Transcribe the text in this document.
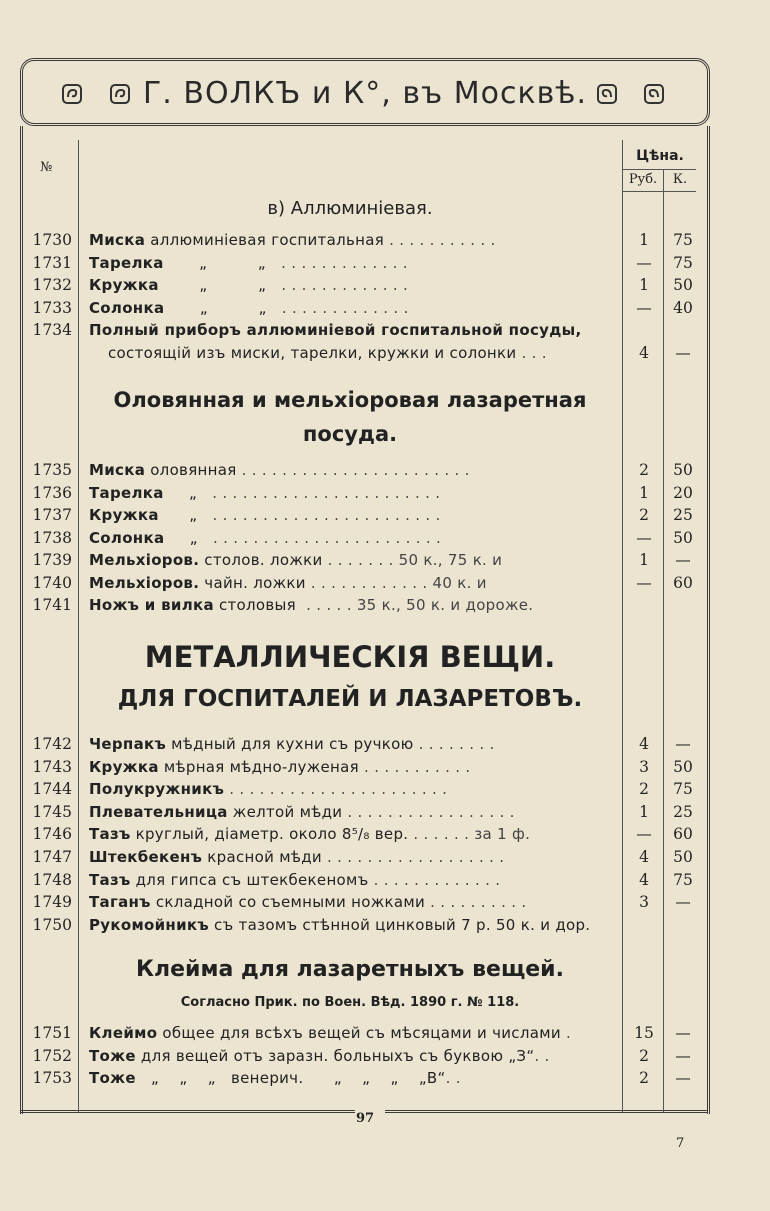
Г. ВОЛКЪ и К°, въ Москвѣ.
97
7
№
Цѣна.
Руб.	К.
в) Аллюминіевая.
1730 Миска аллюминіевая госпитальная . . . . . . . . . . .	1	75
1731 Тарелка       „          „   . . . . . . . . . . . . .	—	75
1732 Кружка        „          „   . . . . . . . . . . . . .	1	50
1733 Солонка       „          „   . . . . . . . . . . . . .	—	40
1734 Полный приборъ аллюминіевой госпитальной посуды,
состоящій изъ миски, тарелки, кружки и солонки . . .	4	—
Оловянная и мельхіоровая лазаретная
посуда.
1735 Миска оловянная . . . . . . . . . . . . . . . . . . . . . . .	2	50
1736 Тарелка     „   . . . . . . . . . . . . . . . . . . . . . . .	1	20
1737 Кружка      „   . . . . . . . . . . . . . . . . . . . . . . .	2	25
1738 Солонка     „   . . . . . . . . . . . . . . . . . . . . . . .	—	50
1739 Мельхіоров. столов. ложки . . . . . . . 50 к., 75 к. и	1	—
1740 Мельхіоров. чайн. ложки . . . . . . . . . . . . 40 к. и	—	60
1741 Ножъ и вилка столовыя  . . . . . 35 к., 50 к. и дороже.
МЕТАЛЛИЧЕСКІЯ ВЕЩИ.
ДЛЯ ГОСПИТАЛЕЙ И ЛАЗАРЕТОВЪ.
1742 Черпакъ мѣдный для кухни съ ручкою . . . . . . . .	4	—
1743 Кружка мѣрная мѣдно-луженая . . . . . . . . . . .	3	50
1744 Полукружникъ . . . . . . . . . . . . . . . . . . . . . .	2	75
1745 Плевательница желтой мѣди . . . . . . . . . . . . . . . . .	1	25
1746 Тазъ круглый, діаметр. около 8⁵/₈ вер. . . . . . . за 1 ф.	—	60
1747 Штекбекенъ красной мѣди . . . . . . . . . . . . . . . . . .	4	50
1748 Тазъ для гипса съ штекбекеномъ . . . . . . . . . . . . .	4	75
1749 Таганъ складной со съемными ножками . . . . . . . . . .	3	—
1750 Рукомойникъ съ тазомъ стѣнной цинковый 7 р. 50 к. и дор.
Клейма для лазаретныхъ вещей.
Согласно Прик. по Воен. Вѣд. 1890 г. № 118.
1751 Клеймо общее для всѣхъ вещей съ мѣсяцами и числами .	15	—
1752 Тоже для вещей отъ заразн. больныхъ съ буквою „З“. .	2	—
1753 Тоже   „    „    „   венерич.      „    „    „    „В“. .	2	—
